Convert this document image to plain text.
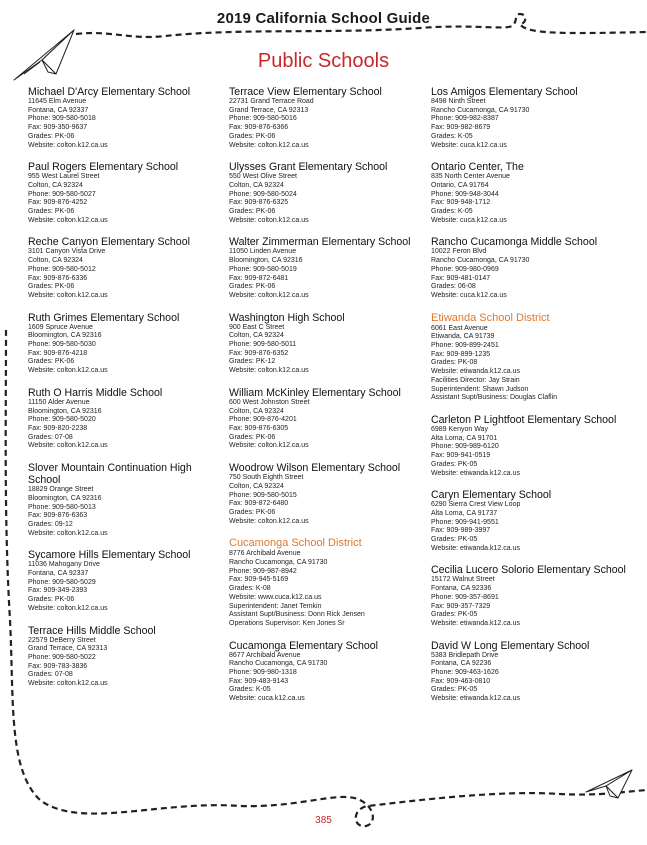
2019 California School Guide
Public Schools
Michael D'Arcy Elementary School
11645 Elm Avenue
Fontana, CA 92337
Phone: 909-580-5018
Fax: 909-350-9637
Grades: PK-06
Website: colton.k12.ca.us
Paul Rogers Elementary School
955 West Laurel Street
Colton, CA 92324
Phone: 909-580-5027
Fax: 909-876-4252
Grades: PK-06
Website: colton.k12.ca.us
Reche Canyon Elementary School
3101 Canyon Vista Drive
Colton, CA 92324
Phone: 909-580-5012
Fax: 909-876-6336
Grades: PK-06
Website: colton.k12.ca.us
Ruth Grimes Elementary School
1609 Spruce Avenue
Bloomington, CA 92316
Phone: 909-580-5030
Fax: 909-876-4218
Grades: PK-06
Website: colton.k12.ca.us
Ruth O Harris Middle School
11150 Alder Avenue
Bloomington, CA 92316
Phone: 909-580-5020
Fax: 909-820-2238
Grades: 07-08
Website: colton.k12.ca.us
Slover Mountain Continuation High School
18829 Orange Street
Bloomington, CA 92316
Phone: 909-580-5013
Fax: 909-876-6363
Grades: 09-12
Website: colton.k12.ca.us
Sycamore Hills Elementary School
11036 Mahogany Drive
Fontana, CA 92337
Phone: 909-580-5029
Fax: 909-349-2393
Grades: PK-06
Website: colton.k12.ca.us
Terrace Hills Middle School
22579 DeBerry Street
Grand Terrace, CA 92313
Phone: 909-580-5022
Fax: 909-783-3836
Grades: 07-08
Website: colton.k12.ca.us
Terrace View Elementary School
22731 Grand Terrace Road
Grand Terrace, CA 92313
Phone: 909-580-5016
Fax: 909-876-6366
Grades: PK-06
Website: colton.k12.ca.us
Ulysses Grant Elementary School
550 West Olive Street
Colton, CA 92324
Phone: 909-580-5024
Fax: 909-876-6325
Grades: PK-06
Website: colton.k12.ca.us
Walter Zimmerman Elementary School
11050 Linden Avenue
Bloomington, CA 92316
Phone: 909-580-5019
Fax: 909-872-6481
Grades: PK-06
Website: colton.k12.ca.us
Washington High School
900 East C Street
Colton, CA 92324
Phone: 909-580-5011
Fax: 909-876-6352
Grades: PK-12
Website: colton.k12.ca.us
William McKinley Elementary School
600 West Johnston Street
Colton, CA 92324
Phone: 909-876-4201
Fax: 909-876-6305
Grades: PK-06
Website: colton.k12.ca.us
Woodrow Wilson Elementary School
750 South Eighth Street
Colton, CA 92324
Phone: 909-580-5015
Fax: 909-872-6480
Grades: PK-06
Website: colton.k12.ca.us
Cucamonga School District
8776 Archibald Avenue
Rancho Cucamonga, CA 91730
Phone: 909-987-8942
Fax: 909-945-5169
Grades: K-08
Website: www.cuca.k12.ca.us
Superintendent: Janet Temkin
Assistant Supt/Business: Donn Rick Jensen
Operations Supervisor: Ken Jones Sr
Cucamonga Elementary School
8677 Archibald Avenue
Rancho Cucamonga, CA 91730
Phone: 909-980-1318
Fax: 909-483-9143
Grades: K-05
Website: cuca.k12.ca.us
Los Amigos Elementary School
8498 Ninth Street
Rancho Cucamonga, CA 91730
Phone: 909-982-8387
Fax: 909-982-8679
Grades: K-05
Website: cuca.k12.ca.us
Ontario Center, The
835 North Center Avenue
Ontario, CA 91764
Phone: 909-948-3044
Fax: 909-948-1712
Grades: K-05
Website: cuca.k12.ca.us
Rancho Cucamonga Middle School
10022 Feron Blvd
Rancho Cucamonga, CA 91730
Phone: 909-980-0969
Fax: 909-481-0147
Grades: 06-08
Website: cuca.k12.ca.us
Etiwanda School District
6061 East Avenue
Etiwanda, CA 91739
Phone: 909-899-2451
Fax: 909-899-1235
Grades: PK-08
Website: etiwanda.k12.ca.us
Facilities Director: Jay Strain
Superintendent: Shawn Judson
Assistant Supt/Business: Douglas Claflin
Carleton P Lightfoot Elementary School
6989 Kenyon Way
Alta Loma, CA 91701
Phone: 909-989-6120
Fax: 909-941-0519
Grades: PK-05
Website: etiwanda.k12.ca.us
Caryn Elementary School
6290 Sierra Crest View Loop
Alta Loma, CA 91737
Phone: 909-941-9551
Fax: 909-989-3997
Grades: PK-05
Website: etiwanda.k12.ca.us
Cecilia Lucero Solorio Elementary School
15172 Walnut Street
Fontana, CA 92336
Phone: 909-357-8691
Fax: 909-357-7329
Grades: PK-05
Website: etiwanda.k12.ca.us
David W Long Elementary School
5383 Bridlepath Drive
Fontana, CA 92236
Phone: 909-463-1626
Fax: 909-463-0810
Grades: PK-05
Website: etiwanda.k12.ca.us
385
